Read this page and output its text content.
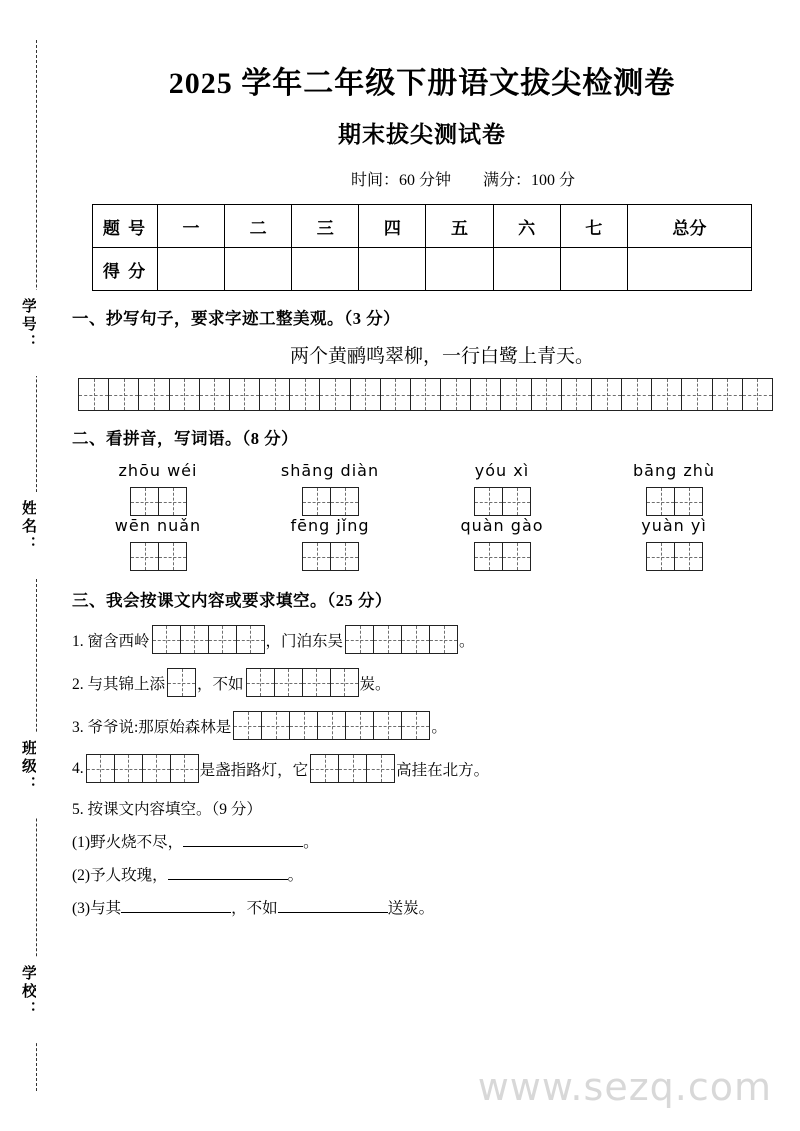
学号：
姓名：
班级：
学校：
2025 学年二年级下册语文拔尖检测卷
期末拔尖测试卷
时间：60 分钟 满分：100 分
题 号	一	二	三	四	五	六	七	总分
得 分								
一、抄写句子，要求字迹工整美观。（3 分）
两个黄鹂鸣翠柳，一行白鹭上青天。
二、看拼音，写词语。（8 分）
zhōu wéi	shāng diàn	yóu xì	bāng zhù
wēn nuǎn	fēng jǐng	quàn gào	yuàn yì
三、我会按课文内容或要求填空。（25 分）
1. 窗含西岭	，门泊东吴	。
2. 与其锦上添 ，不如	炭。
3. 爷爷说:那原始森林是	。
4.	是盏指路灯，它	高挂在北方。
5. 按课文内容填空。（9 分）
(1)野火烧不尽，	。
(2)予人玫瑰，	。
(3)与其	，不如	送炭。
www.sezq.com
